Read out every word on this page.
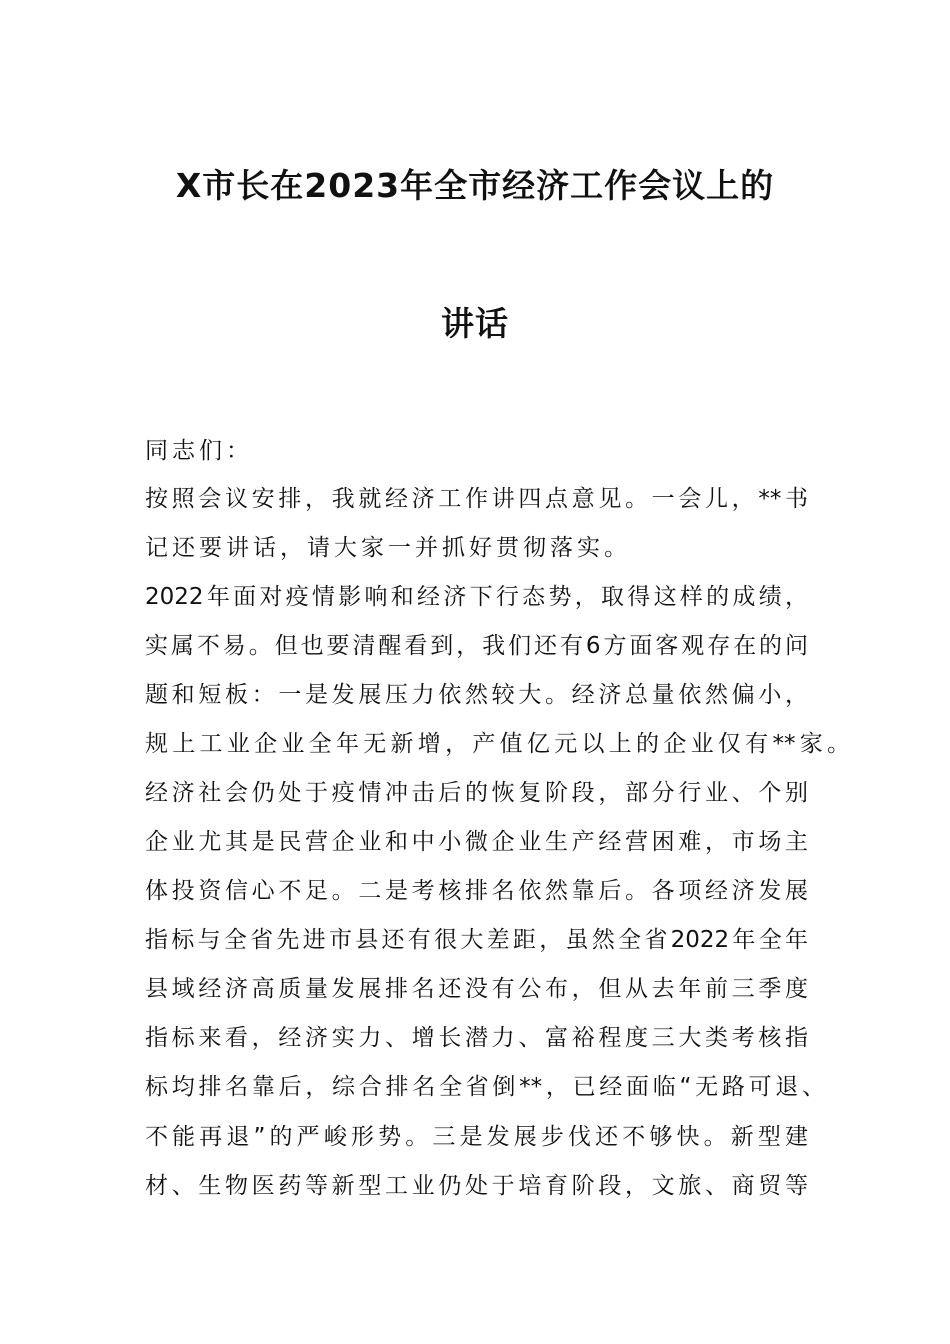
X市长在2023年全市经济工作会议上的
讲话
同志们：
按照会议安排，我就经济工作讲四点意见。一会儿，**书
记还要讲话，请大家一并抓好贯彻落实。
2022年面对疫情影响和经济下行态势，取得这样的成绩，
实属不易。但也要清醒看到，我们还有6方面客观存在的问
题和短板：一是发展压力依然较大。经济总量依然偏小，
规上工业企业全年无新增，产值亿元以上的企业仅有**家。
经济社会仍处于疫情冲击后的恢复阶段，部分行业、个别
企业尤其是民营企业和中小微企业生产经营困难，市场主
体投资信心不足。二是考核排名依然靠后。各项经济发展
指标与全省先进市县还有很大差距，虽然全省2022年全年
县域经济高质量发展排名还没有公布，但从去年前三季度
指标来看，经济实力、增长潜力、富裕程度三大类考核指
标均排名靠后，综合排名全省倒**，已经面临“无路可退、
不能再退”的严峻形势。三是发展步伐还不够快。新型建
材、生物医药等新型工业仍处于培育阶段，文旅、商贸等
